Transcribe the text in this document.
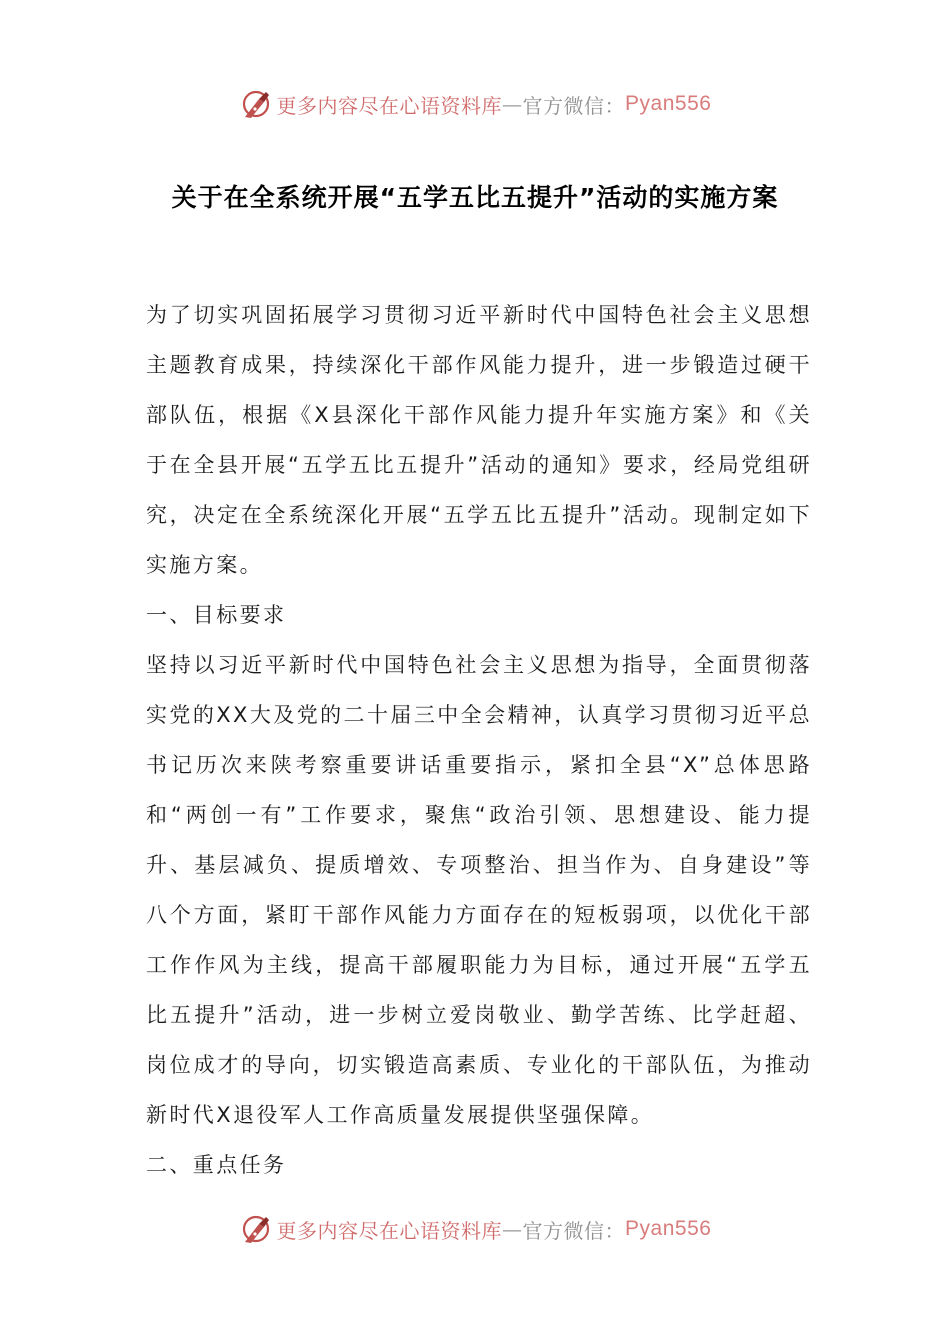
更多内容尽在心语资料库 — 官方微信： Pyan556
关于在全系统开展“五学五比五提升”活动的实施方案

为了切实巩固拓展学习贯彻习近平新时代中国特色社会主义思想主题教育成果，持续深化干部作风能力提升，进一步锻造过硬干部队伍，根据《X县深化干部作风能力提升年实施方案》和《关于在全县开展“五学五比五提升”活动的通知》要求，经局党组研究，决定在全系统深化开展“五学五比五提升”活动。现制定如下实施方案。

一、目标要求

坚持以习近平新时代中国特色社会主义思想为指导，全面贯彻落实党的XX大及党的二十届三中全会精神，认真学习贯彻习近平总书记历次来陕考察重要讲话重要指示，紧扣全县“X”总体思路和“两创一有”工作要求，聚焦“政治引领、思想建设、能力提升、基层减负、提质增效、专项整治、担当作为、自身建设”等八个方面，紧盯干部作风能力方面存在的短板弱项，以优化干部工作作风为主线，提高干部履职能力为目标，通过开展“五学五比五提升”活动，进一步树立爱岗敬业、勤学苦练、比学赶超、岗位成才的导向，切实锻造高素质、专业化的干部队伍，为推动新时代X退役军人工作高质量发展提供坚强保障。

二、重点任务

更多内容尽在心语资料库 — 官方微信： Pyan556
